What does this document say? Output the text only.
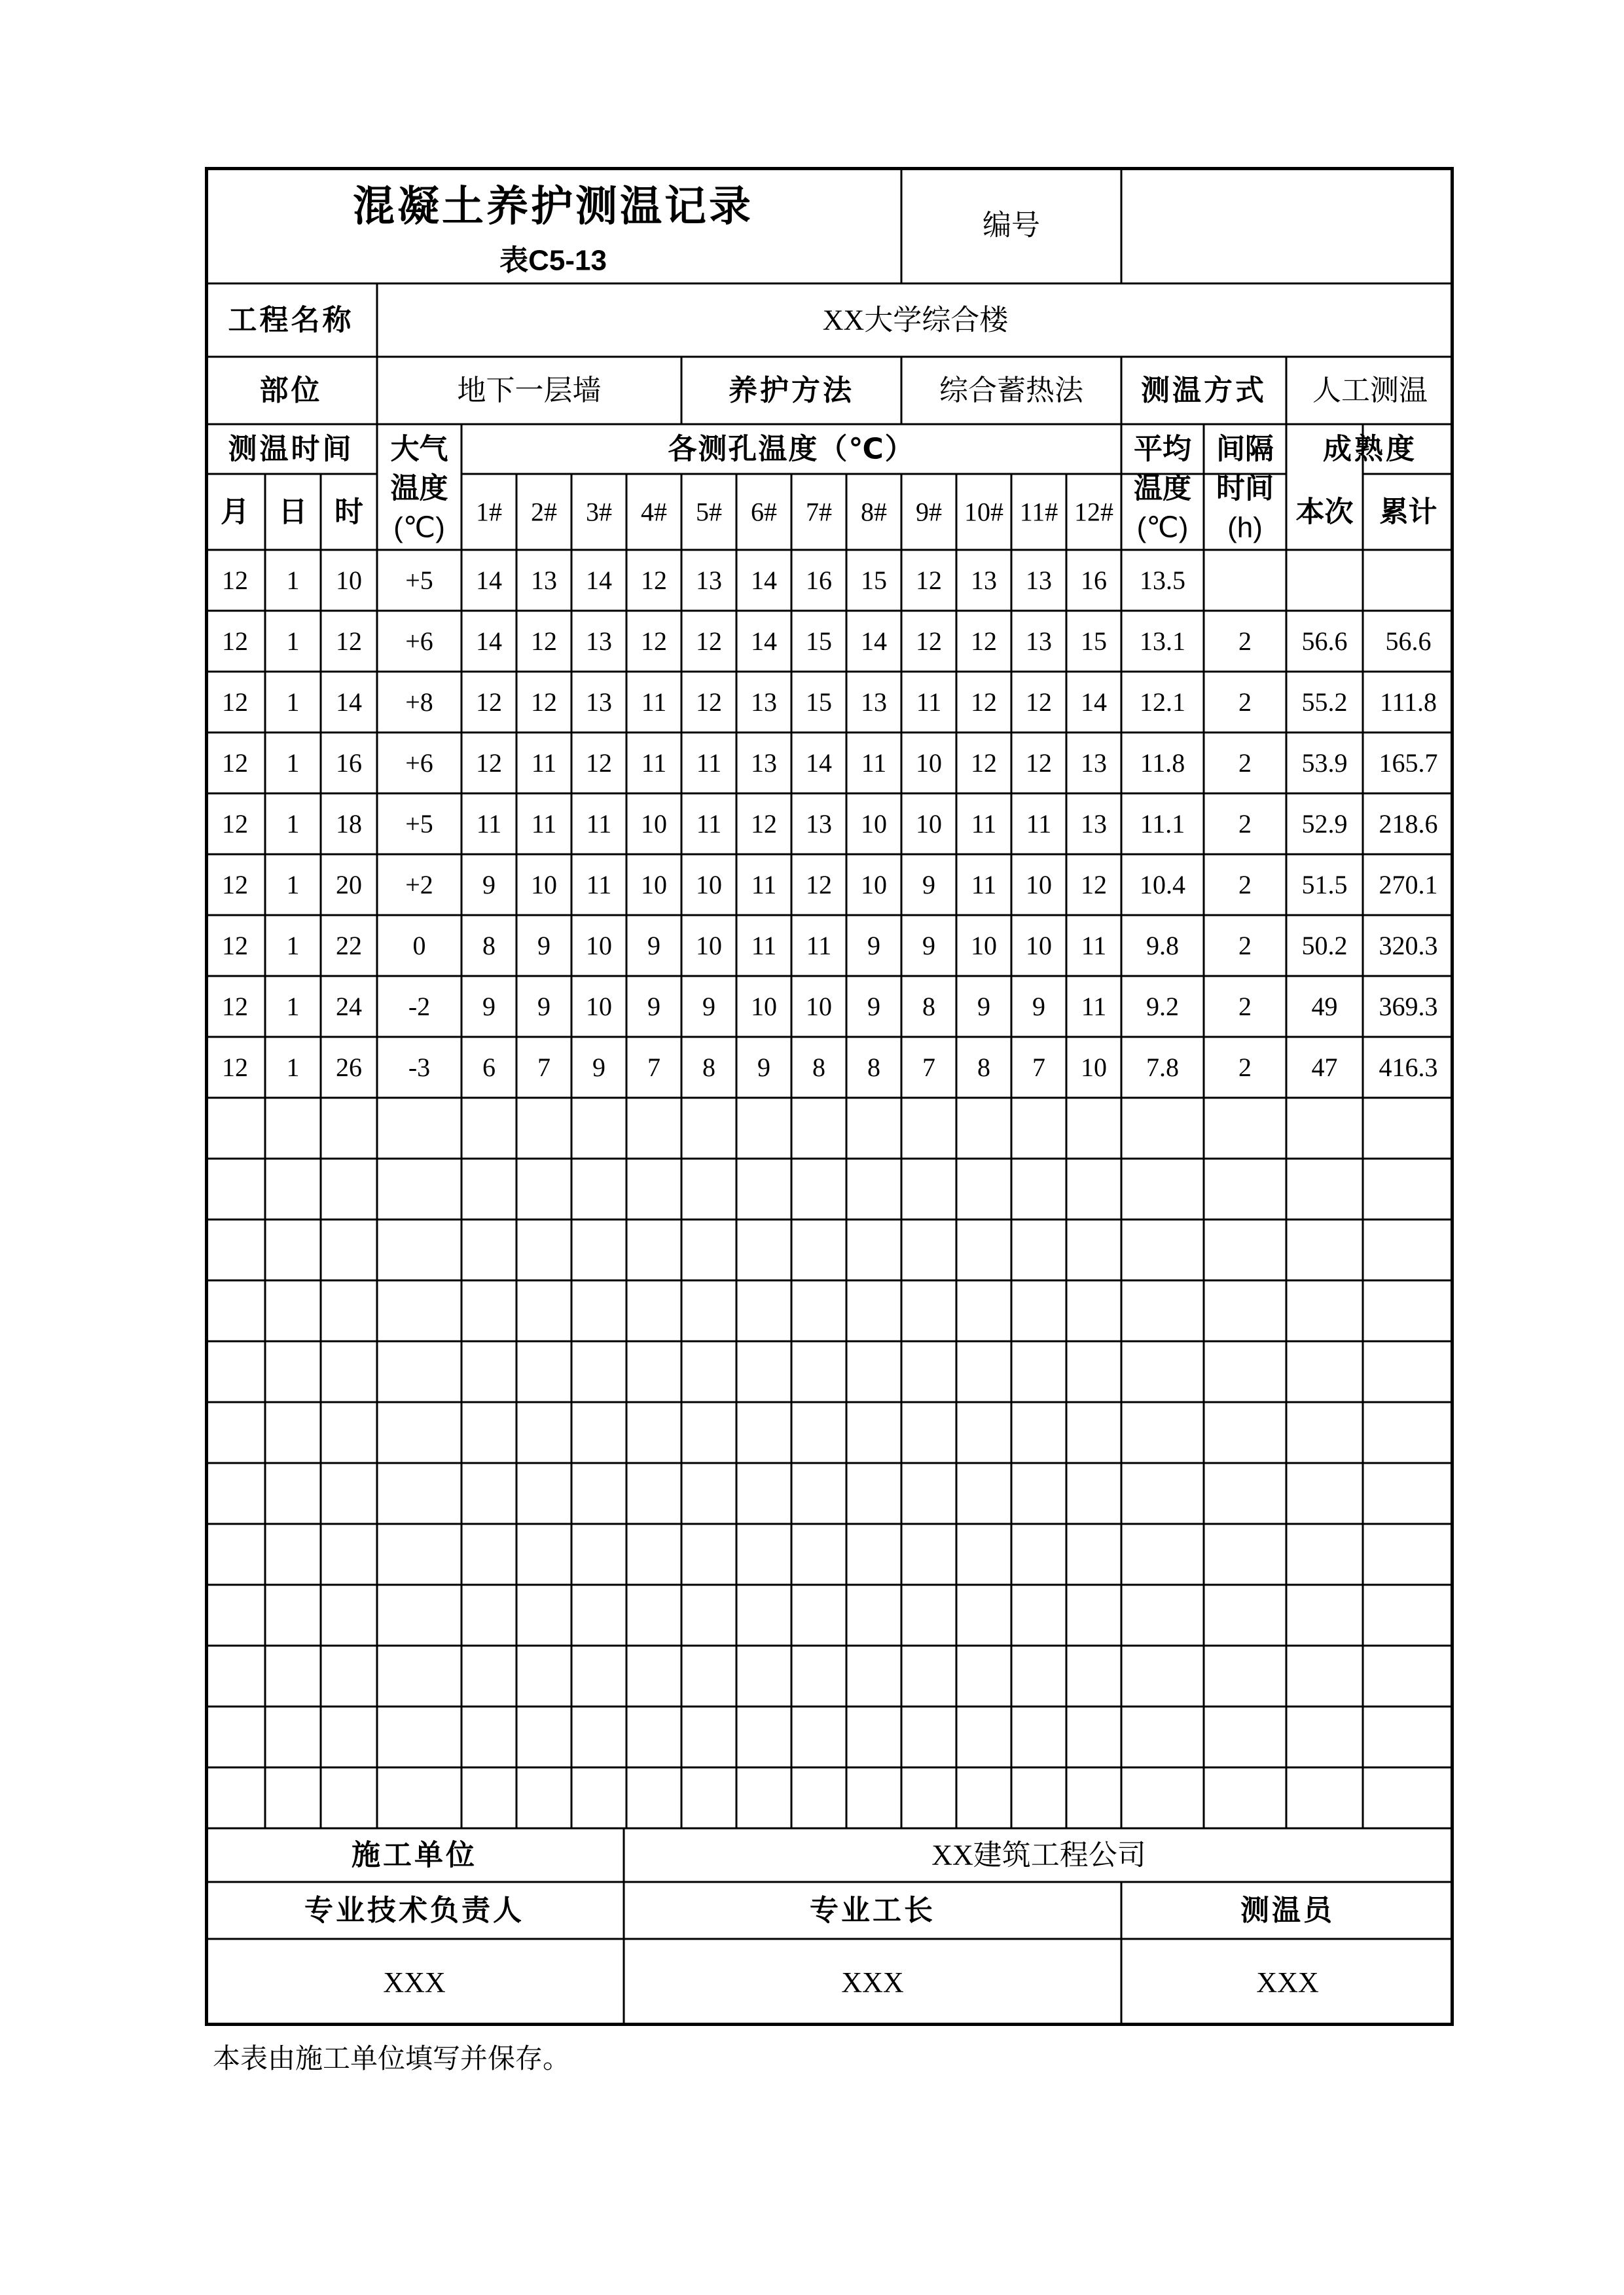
混凝土养护测温记录
表C5-13
编号
工程名称	XX大学综合楼
部位	地下一层墙	养护方法	综合蓄热法 测温方式 人工测温
测温时间
月 日 时
大气
温度
(℃)
各测孔温度（℃）
1# 2# 3# 4# 5# 6# 7# 8# 9# 10# 11# 12#
平均
温度
(℃)
间隔
时间
(h)
成熟度
本次 累计
12 1 10 +5 14 13 14 12 13 14 16 15 12 13 13 16 13.5
12 1 12 +6 14 12 13 12 12 14 15 14 12 12 13 15 13.1 2 56.6 56.6
12 1 14 +8 12 12 13 11 12 13 15 13 11 12 12 14 12.1 2 55.2 111.8
12 1 16 +6 12 11 12 11 11 13 14 11 10 12 12 13 11.8 2 53.9 165.7
12 1 18 +5 11 11 11 10 11 12 13 10 10 11 11 13 11.1 2 52.9 218.6
12 1 20 +2 9 10 11 10 10 11 12 10 9 11 10 12 10.4 2 51.5 270.1
12 1 22 0 8 9 10 9 10 11 11 9 9 10 10 11 9.8 2 50.2 320.3
12 1 24 -2 9 9 10 9 9 10 10 9 8 9 9 11 9.2 2 49 369.3
12 1 26 -3 6 7 9 7 8 9 8 8 7 8 7 10 7.8 2 47 416.3
施工单位	XX建筑工程公司
专业技术负责人	专业工长	测温员
XXX	XXX	XXX
本表由施工单位填写并保存。
